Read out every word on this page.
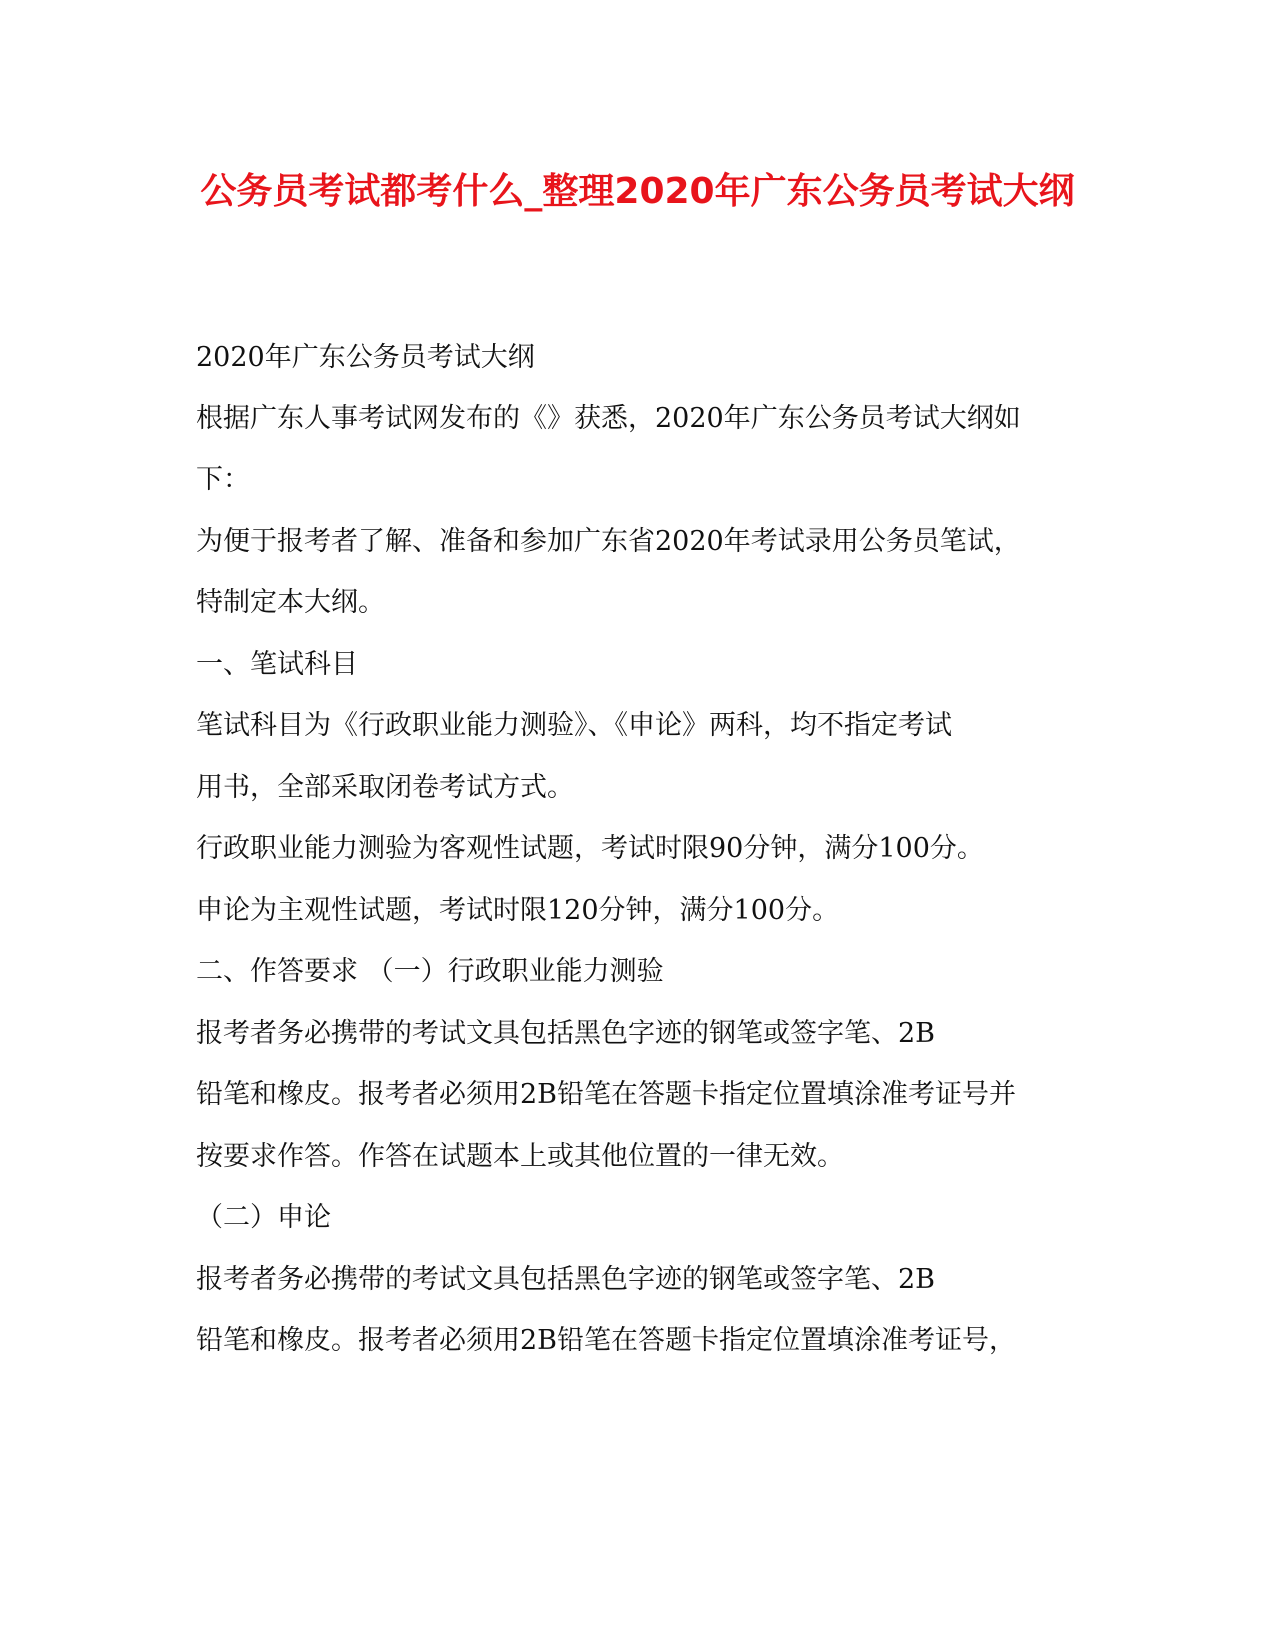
公务员考试都考什么_整理2020年广东公务员考试大纲
2020年广东公务员考试大纲
根据广东人事考试网发布的《》获悉，2020年广东公务员考试大纲如
下：
为便于报考者了解、准备和参加广东省2020年考试录用公务员笔试，
特制定本大纲。
一、笔试科目
笔试科目为《行政职业能力测验》、《申论》两科，均不指定考试
用书，全部采取闭卷考试方式。
行政职业能力测验为客观性试题，考试时限90分钟，满分100分。
申论为主观性试题，考试时限120分钟，满分100分。
二、作答要求 （一）行政职业能力测验
报考者务必携带的考试文具包括黑色字迹的钢笔或签字笔、2B
铅笔和橡皮。报考者必须用2B铅笔在答题卡指定位置填涂准考证号并
按要求作答。作答在试题本上或其他位置的一律无效。
（二）申论
报考者务必携带的考试文具包括黑色字迹的钢笔或签字笔、2B
铅笔和橡皮。报考者必须用2B铅笔在答题卡指定位置填涂准考证号，
